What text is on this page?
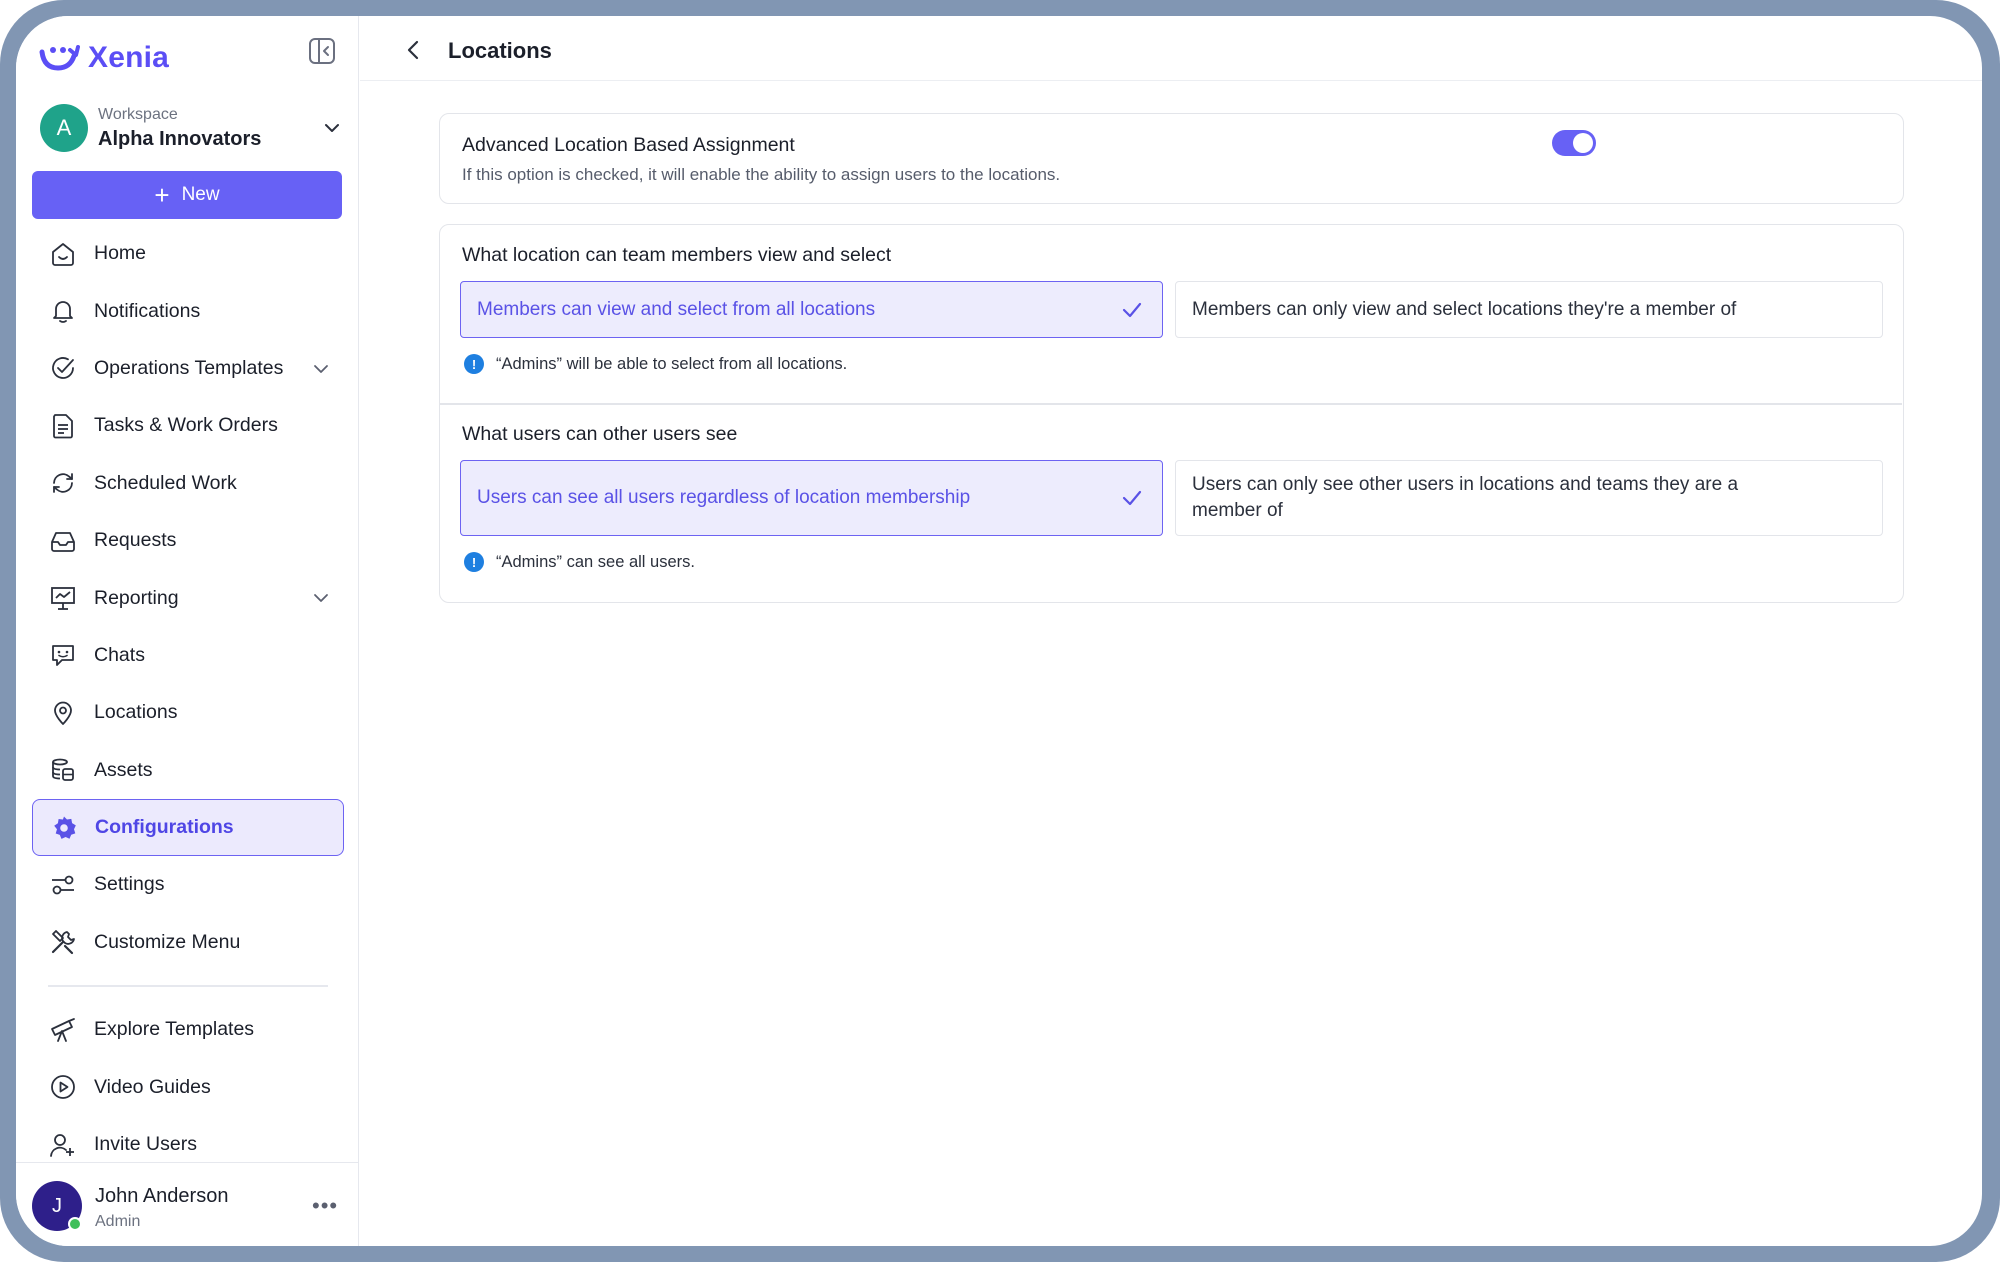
Xenia
A
Workspace
Alpha Innovators
+ New
Home
Notifications
Operations Templates
Tasks & Work Orders
Scheduled Work
Requests
Reporting
Chats
Locations
Assets
Configurations
Settings
Customize Menu
Explore Templates
Video Guides
Invite Users
J	John Anderson
Admin
•••
Locations
Advanced Location Based Assignment
If this option is checked, it will enable the ability to assign users to the locations.
What location can team members view and select
Members can view and select from all locations	Members can only view and select locations they're a member of
!	“Admins” will be able to select from all locations.
What users can other users see
Users can see all users regardless of location membership
Users can only see other users in locations and teams they are a member of
!	“Admins” can see all users.
